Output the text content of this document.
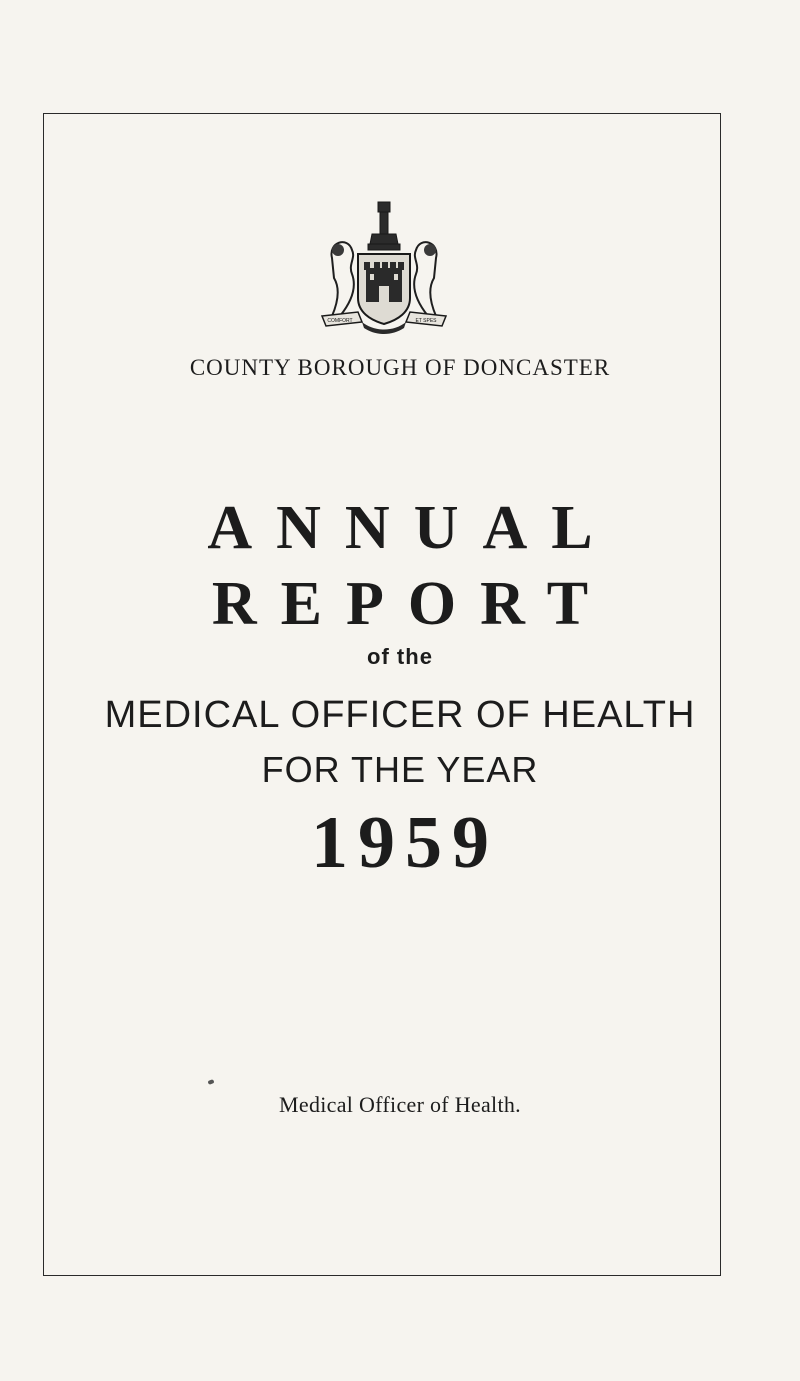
COMFORT	ET SPES
COUNTY BOROUGH OF DONCASTER
ANNUAL
REPORT
of the
MEDICAL OFFICER OF HEALTH
FOR THE YEAR
1959
Medical Officer of Health.
